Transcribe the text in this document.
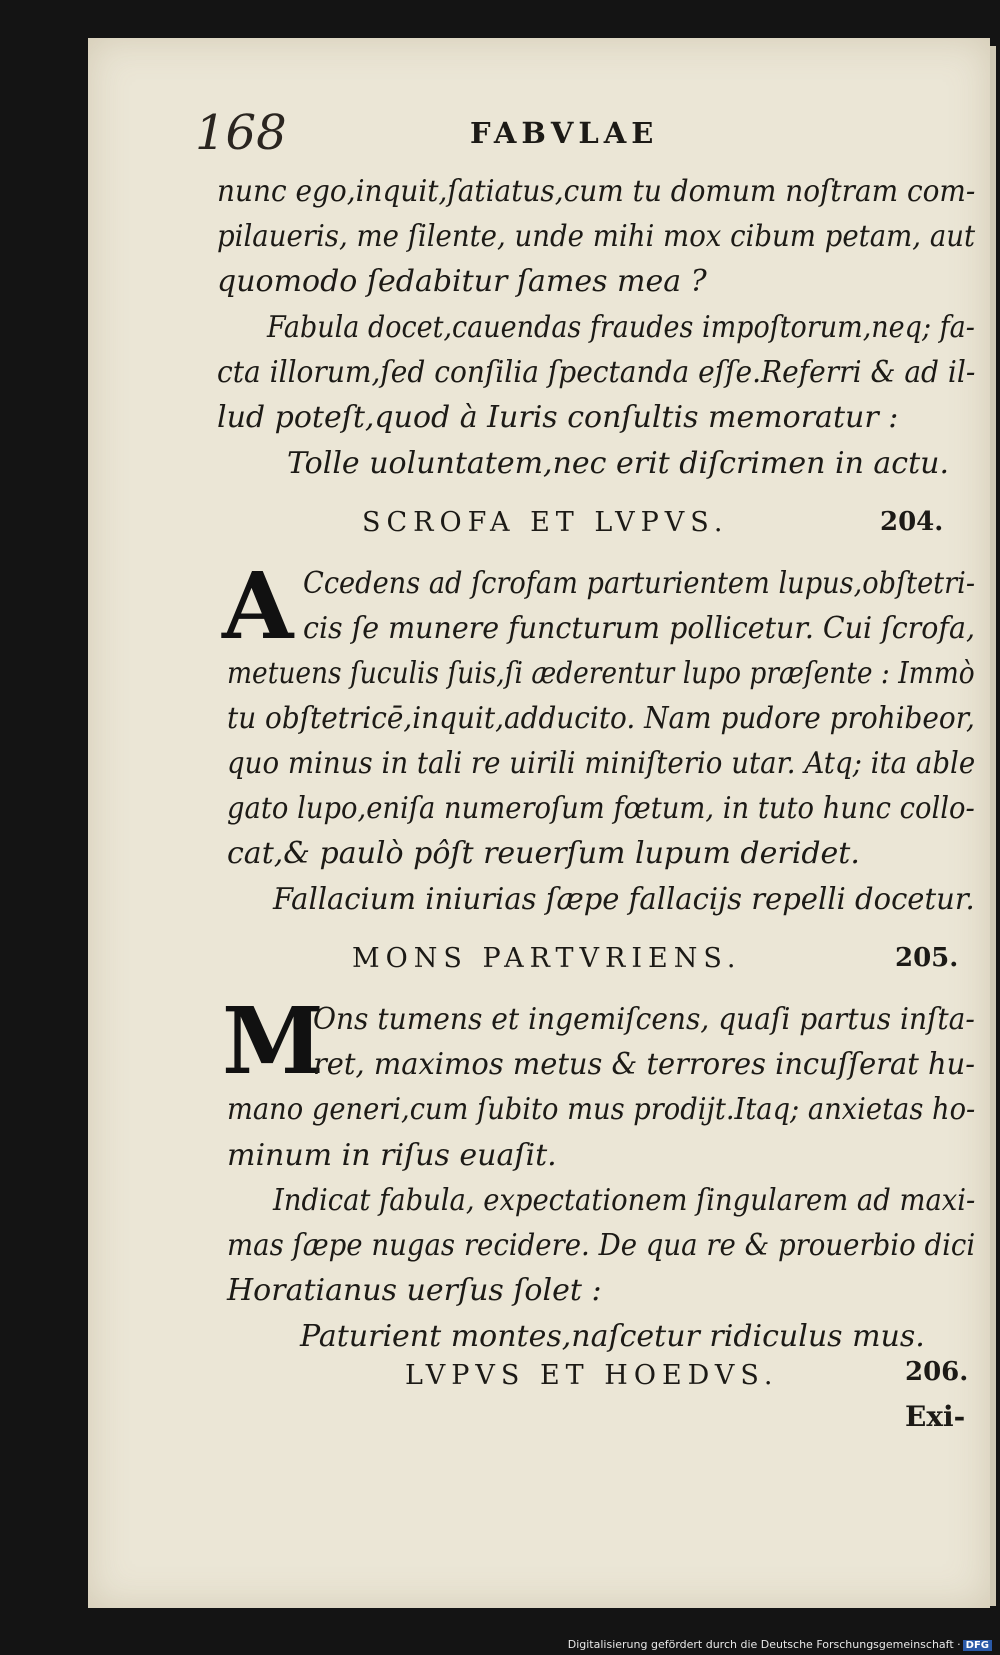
168	FABVLAE
nunc ego,inquit,ſatiatus,cum tu domum noſtram com-
pilaueris, me ſilente, unde mihi mox cibum petam, aut
quomodo ſedabitur ſames mea ?
Fabula docet,cauendas fraudes impoſtorum,neq; fa-
cta illorum,ſed conſilia ſpectanda eſſe.Referri & ad il-
lud poteſt,quod à Iuris conſultis memoratur :
Tolle uoluntatem,nec erit diſcrimen in actu.
SCROFA ET LVPVS.	204.
A Ccedens ad ſcrofam parturientem lupus,obſtetri-
cis ſe munere functurum pollicetur. Cui ſcrofa,
metuens ſuculis ſuis,ſi æderentur lupo præſente : Immò
tu obſtetricē,inquit,adducito. Nam pudore prohibeor,
quo minus in tali re uirili miniſterio utar. Atq; ita able
gato lupo,eniſa numeroſum fœtum, in tuto hunc collo-
cat,& paulò pôſt reuerſum lupum deridet.
Fallacium iniurias ſæpe fallacijs repelli docetur.
MONS PARTVRIENS.	205.
M
Ons tumens et ingemiſcens, quaſi partus inſta-
ret, maximos metus & terrores incuſſerat hu-
mano generi,cum ſubito mus prodijt.Itaq; anxietas ho-
minum in riſus euaſit.
Indicat fabula, expectationem ſingularem ad maxi-
mas ſæpe nugas recidere. De qua re & prouerbio dici
Horatianus uerſus ſolet :
Paturient montes,naſcetur ridiculus mus.
LVPVS ET HOEDVS.	206.
Exi-
Digitalisierung gefördert durch die Deutsche Forschungsgemeinschaft · DFG
